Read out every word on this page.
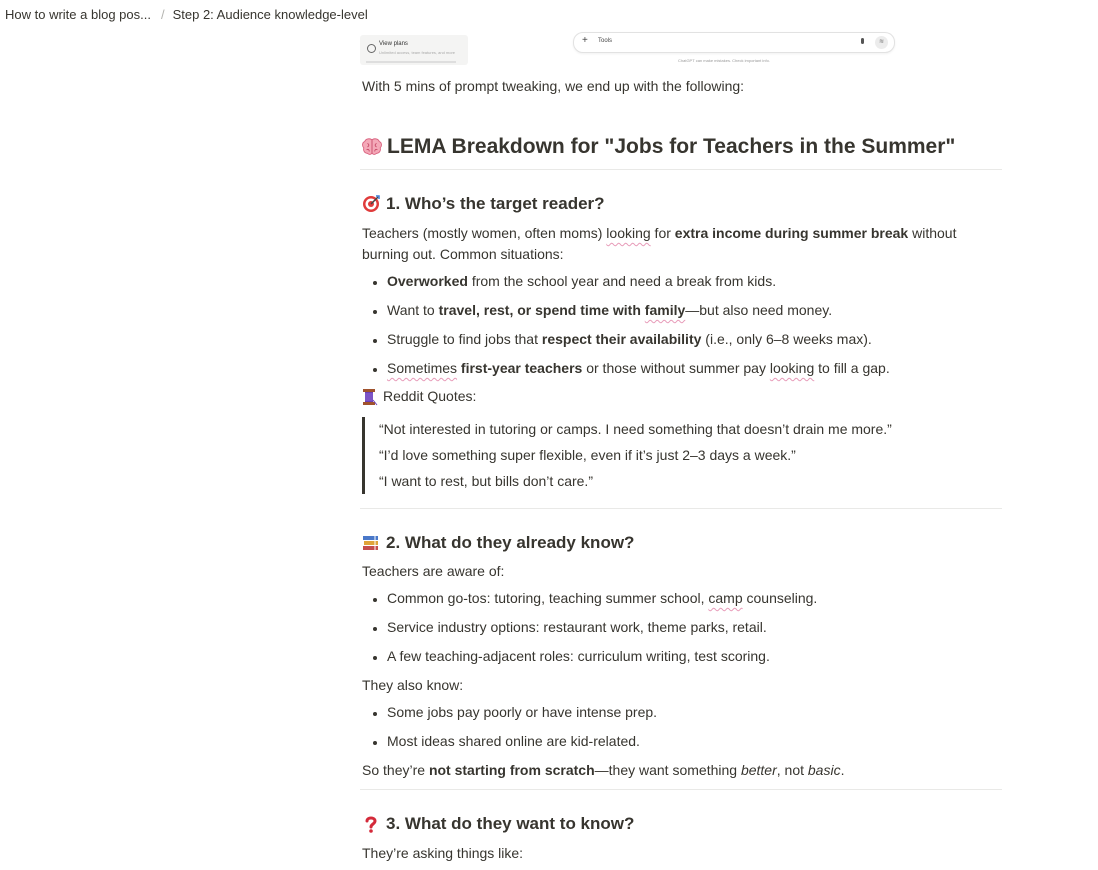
How to write a blog pos... / Step 2: Audience knowledge-level
View plans
Unlimited access, team features, and more
+ Tools	≋
ChatGPT can make mistakes. Check important info.

With 5 mins of prompt tweaking, we end up with the following:

LEMA Breakdown for "Jobs for Teachers in the Summer"
1. Who’s the target reader?

Teachers (mostly women, often moms) looking for extra income during summer break without burning out. Common situations:

• Overworked from the school year and need a break from kids.
• Want to travel, rest, or spend time with family—but also need money.
• Struggle to find jobs that respect their availability (i.e., only 6–8 weeks max).
• Sometimes first-year teachers or those without summer pay looking to fill a gap.

Reddit Quotes:

“Not interested in tutoring or camps. I need something that doesn’t drain me more.”

“I’d love something super flexible, even if it’s just 2–3 days a week.”

“I want to rest, but bills don’t care.”

2. What do they already know?

Teachers are aware of:

• Common go-tos: tutoring, teaching summer school, camp counseling.
• Service industry options: restaurant work, theme parks, retail.
• A few teaching-adjacent roles: curriculum writing, test scoring.

They also know:

• Some jobs pay poorly or have intense prep.
• Most ideas shared online are kid-related.

So they’re not starting from scratch—they want something better, not basic.

3. What do they want to know?

They’re asking things like:
